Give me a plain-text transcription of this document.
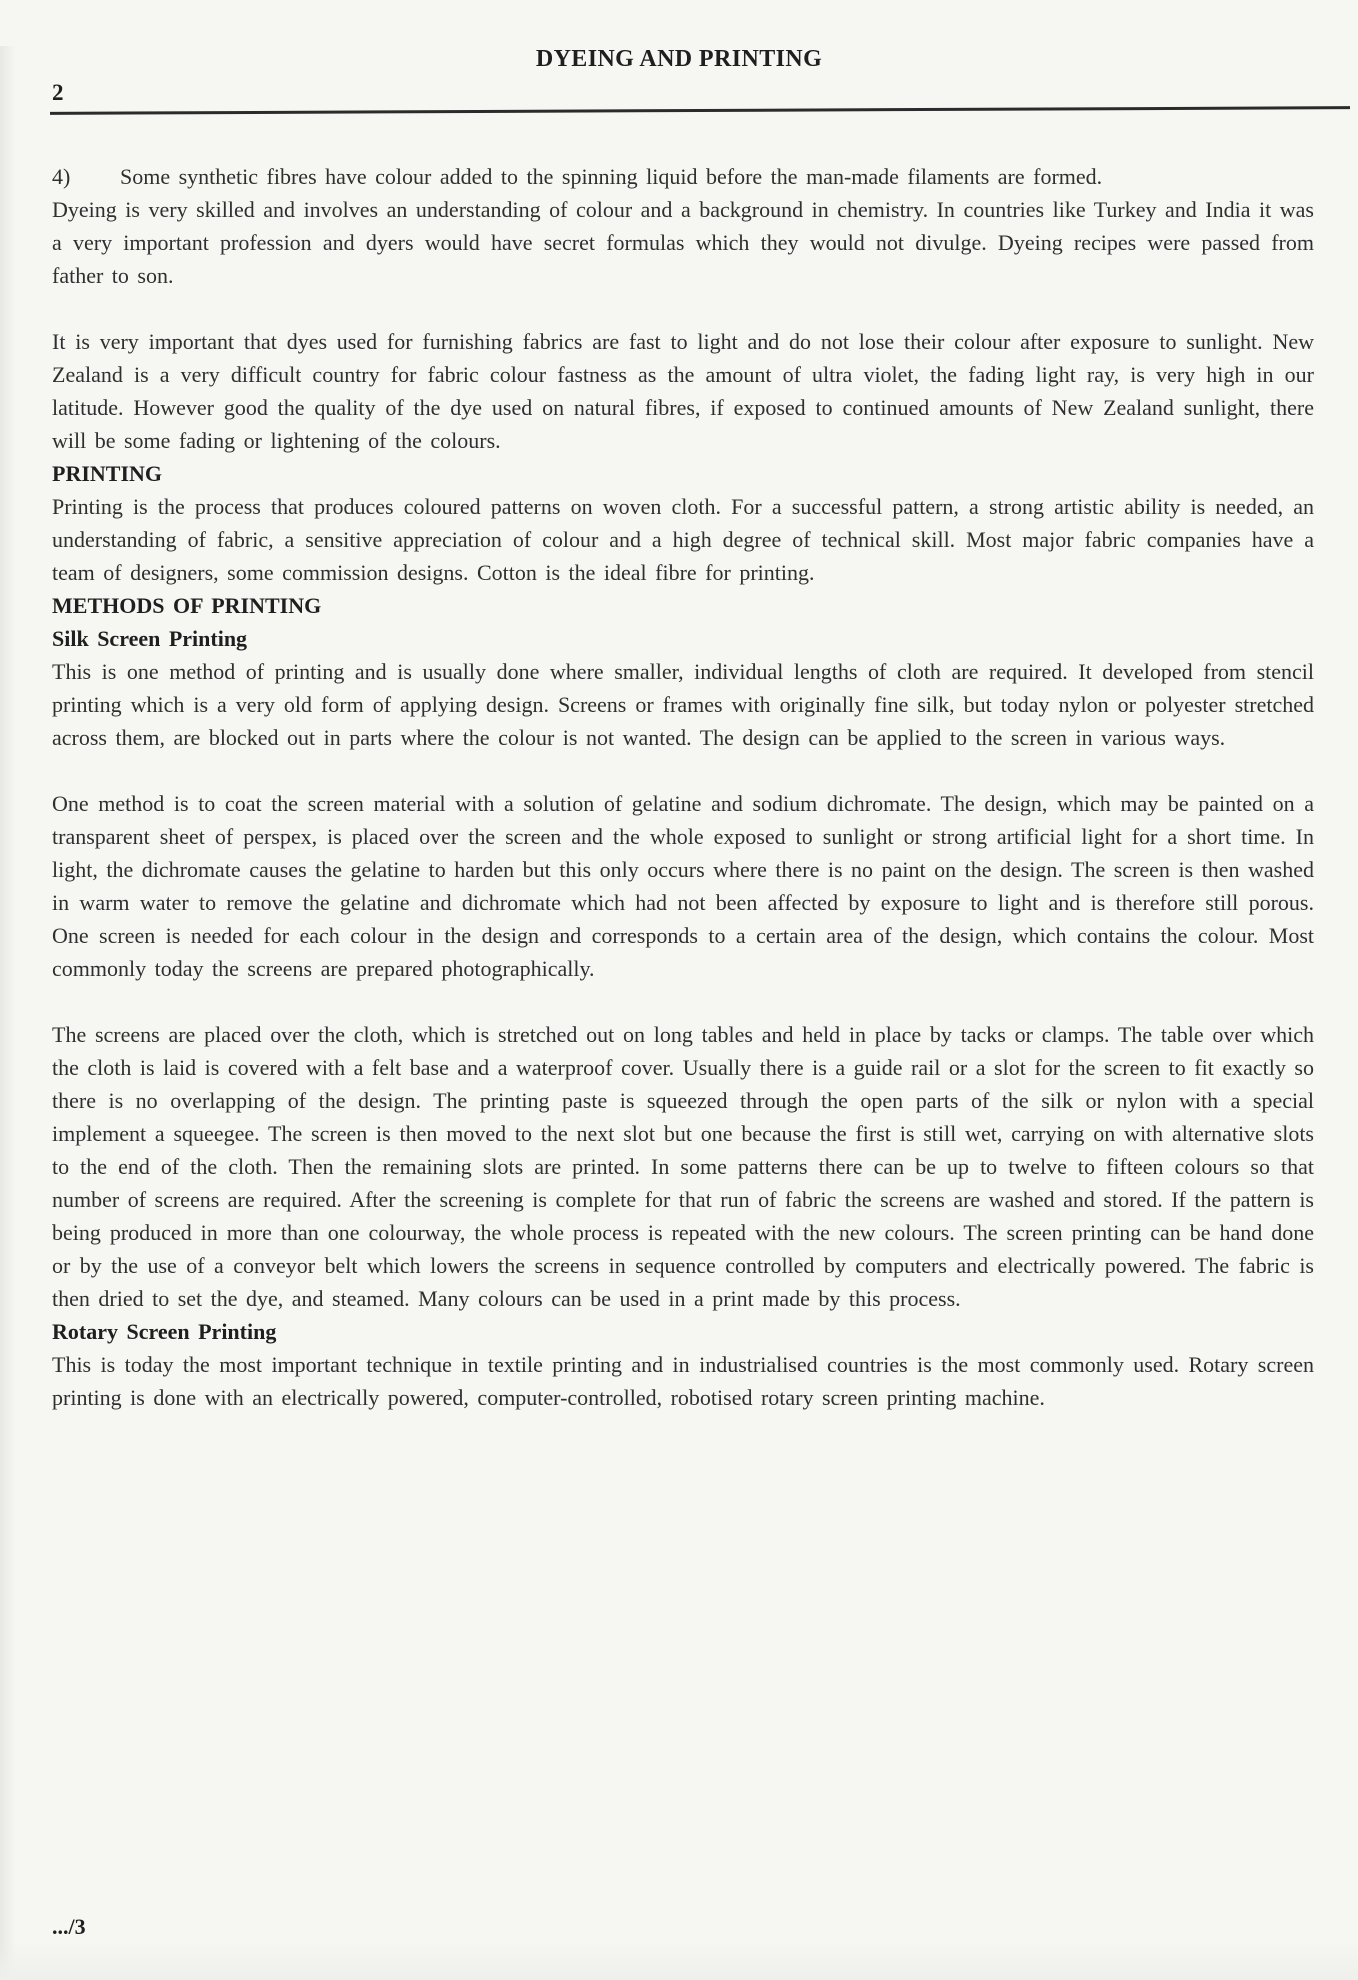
DYEING AND PRINTING
2
4)	Some synthetic fibres have colour added to the spinning liquid before the man-made filaments are formed.

Dyeing is very skilled and involves an understanding of colour and a background in chemistry. In countries like Turkey and India it was a very important profession and dyers would have secret formulas which they would not divulge. Dyeing recipes were passed from father to son.

It is very important that dyes used for furnishing fabrics are fast to light and do not lose their colour after exposure to sunlight. New Zealand is a very difficult country for fabric colour fastness as the amount of ultra violet, the fading light ray, is very high in our latitude. However good the quality of the dye used on natural fibres, if exposed to continued amounts of New Zealand sunlight, there will be some fading or lightening of the colours.

PRINTING

Printing is the process that produces coloured patterns on woven cloth. For a successful pattern, a strong artistic ability is needed, an understanding of fabric, a sensitive appreciation of colour and a high degree of technical skill. Most major fabric companies have a team of designers, some commission designs. Cotton is the ideal fibre for printing.

METHODS OF PRINTING
Silk Screen Printing

This is one method of printing and is usually done where smaller, individual lengths of cloth are required. It developed from stencil printing which is a very old form of applying design. Screens or frames with originally fine silk, but today nylon or polyester stretched across them, are blocked out in parts where the colour is not wanted. The design can be applied to the screen in various ways.

One method is to coat the screen material with a solution of gelatine and sodium dichromate. The design, which may be painted on a transparent sheet of perspex, is placed over the screen and the whole exposed to sunlight or strong artificial light for a short time. In light, the dichromate causes the gelatine to harden but this only occurs where there is no paint on the design. The screen is then washed in warm water to remove the gelatine and dichromate which had not been affected by exposure to light and is therefore still porous. One screen is needed for each colour in the design and corresponds to a certain area of the design, which contains the colour. Most commonly today the screens are prepared photographically.

The screens are placed over the cloth, which is stretched out on long tables and held in place by tacks or clamps. The table over which the cloth is laid is covered with a felt base and a waterproof cover. Usually there is a guide rail or a slot for the screen to fit exactly so there is no overlapping of the design. The printing paste is squeezed through the open parts of the silk or nylon with a special implement a squeegee. The screen is then moved to the next slot but one because the first is still wet, carrying on with alternative slots to the end of the cloth. Then the remaining slots are printed. In some patterns there can be up to twelve to fifteen colours so that number of screens are required. After the screening is complete for that run of fabric the screens are washed and stored. If the pattern is being produced in more than one colourway, the whole process is repeated with the new colours. The screen printing can be hand done or by the use of a conveyor belt which lowers the screens in sequence controlled by computers and electrically powered. The fabric is then dried to set the dye, and steamed. Many colours can be used in a print made by this process.

Rotary Screen Printing

This is today the most important technique in textile printing and in industrialised countries is the most commonly used. Rotary screen printing is done with an electrically powered, computer-controlled, robotised rotary screen printing machine.

.../3
